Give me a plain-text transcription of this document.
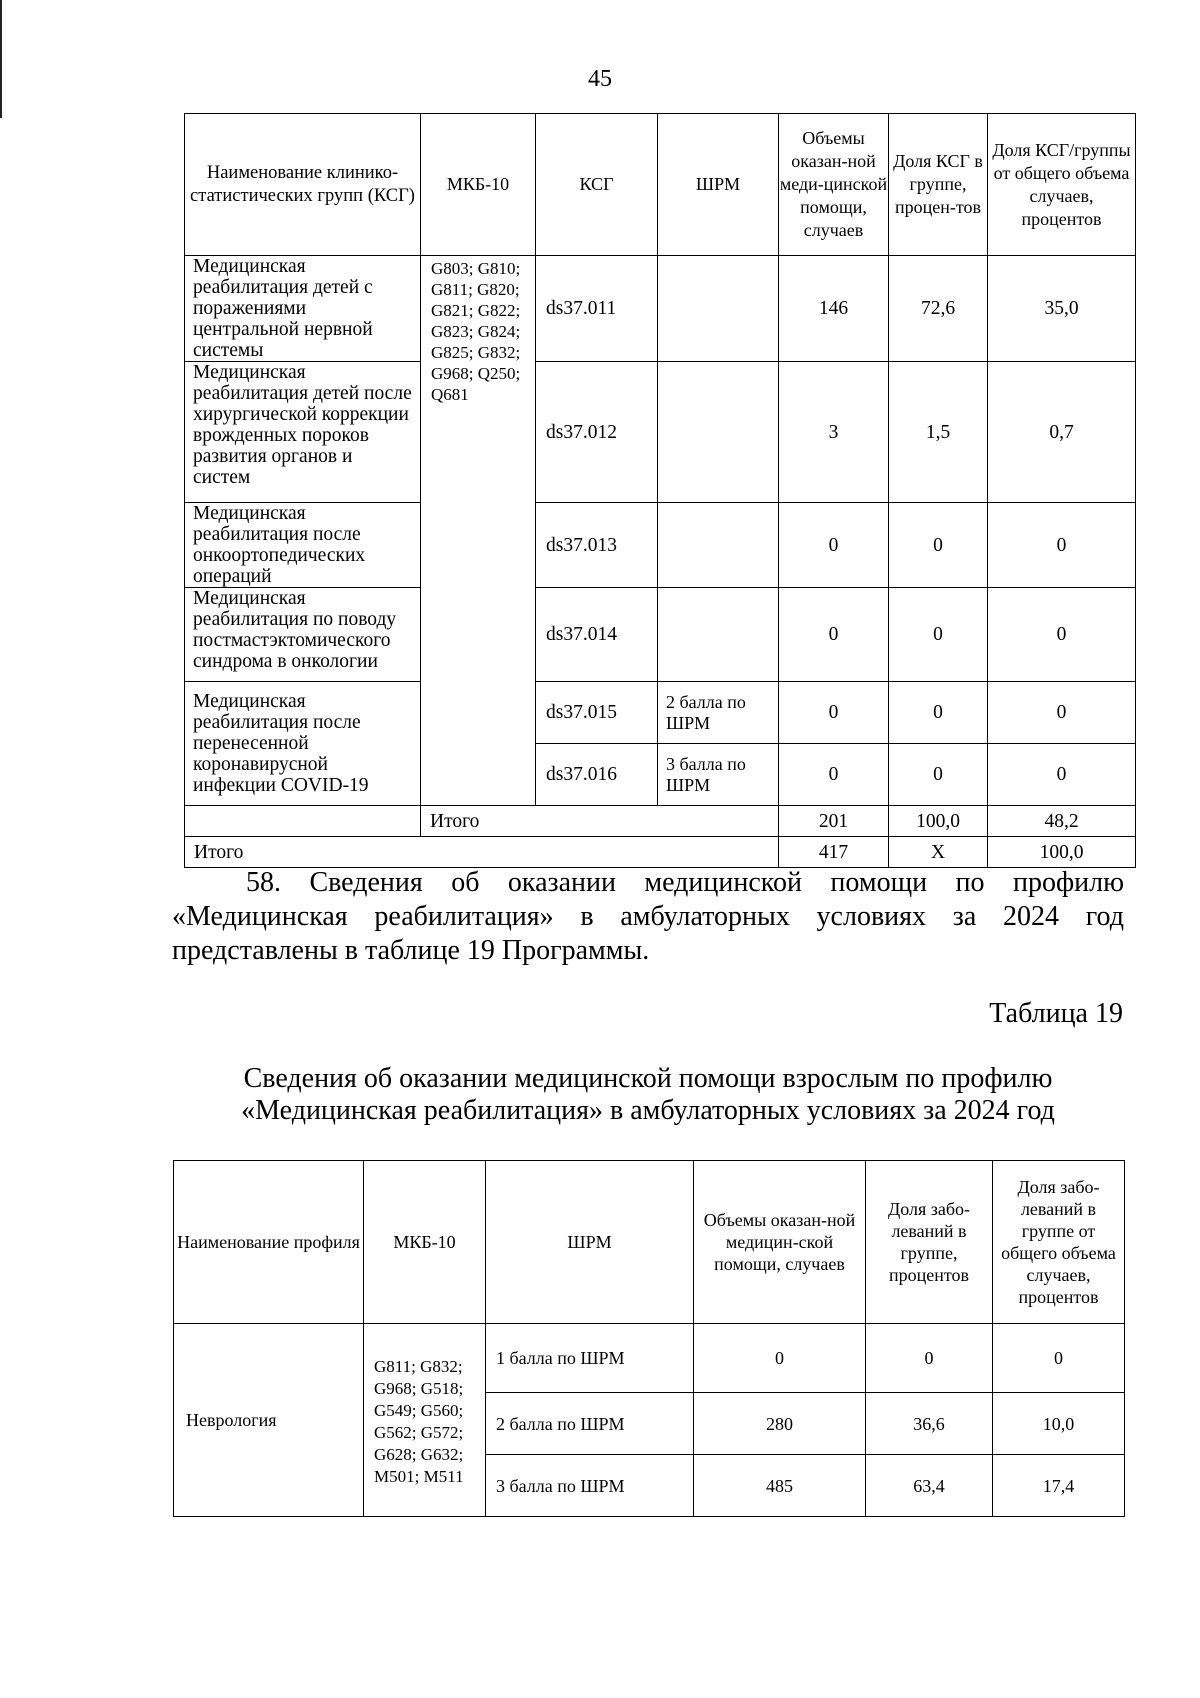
45
Наименование клинико-статистических групп (КСГ)	МКБ-10	КСГ	ШРМ	Объемы оказан-ной меди-цинской помощи, случаев	Доля КСГ в группе, процен-тов	Доля КСГ/группы от общего объема случаев, процентов
Медицинская реабилитация детей с поражениями центральной нервной системы	G803; G810; G811; G820; G821; G822; G823; G824; G825; G832; G968; Q250; Q681	ds37.011		146	72,6	35,0
Медицинская реабилитация детей после хирургической коррекции врожденных пороков развития органов и систем		ds37.012		3	1,5	0,7
Медицинская реабилитация после онкоортопедических операций		ds37.013		0	0	0
Медицинская реабилитация по поводу постмастэктомического синдрома в онкологии		ds37.014		0	0	0
Медицинская реабилитация после перенесенной коронавирусной инфекции COVID-19		ds37.015	2 балла по ШРМ	0	0	0
		ds37.016	3 балла по ШРМ	0	0	0
	Итого			201	100,0	48,2
Итого				417	Х	100,0
58. Сведения об оказании медицинской помощи по профилю «Медицинская реабилитация» в амбулаторных условиях за 2024 год представлены в таблице 19 Программы.
Таблица 19
Сведения об оказании медицинской помощи взрослым по профилю
«Медицинская реабилитация» в амбулаторных условиях за 2024 год
Наименование профиля	МКБ-10	ШРМ	Объемы оказан-ной медицин-ской помощи, случаев	Доля забо-леваний в группе, процентов	Доля забо-леваний в группе от общего объема случаев, процентов
Неврология	G811; G832; G968; G518; G549; G560; G562; G572; G628; G632; M501; M511	1 балла по ШРМ	0	0	0
		2 балла по ШРМ	280	36,6	10,0
		3 балла по ШРМ	485	63,4	17,4
